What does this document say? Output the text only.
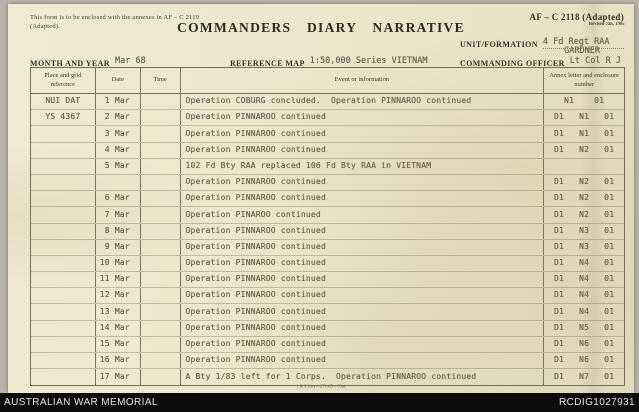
This form is to be enclosed with the annexes in AF – C 2119 (Adapted).	COMMANDERS DIARY NARRATIVE
AF – C 2118 (Adapted)
Revised Jan, 1965
UNIT/FORMATION 4 Fd Regt RAA
GARDNER
COMMANDING OFFICER Lt Col R J
MONTH AND YEAR Mar 68	REFERENCE MAP 1:50,000 Series VIETNAM
Place and grid reference
Date	Time	Event or information
Annex letter and enclosure number
NUI DAT	1 Mar	Operation COBURG concluded.  Operation PINNAROO continued	N1    01
YS 4367	2 Mar	Operation PINNAROO continued	D1   N1   01
3 Mar	Operation PINNAROO continued	D1   N1   01
4 Mar	Operation PINNAROO continued	D1   N2   01
5 Mar	102 Fd Bty RAA replaced 106 Fd Bty RAA in VIETNAM
Operation PINNAROO continued	D1   N2   01
6 Mar	Operation PINNAROO continued	D1   N2   01
7 Mar	Operation PINAROO continued	D1   N2   01
8 Mar	Operation PINNAROO continued	D1   N3   01
9 Mar	Operation PINNAROO continued	D1   N3   01
10 Mar	Operation PINNAROO continued	D1   N4   01
11 Mar	Operation PINNAROO continued	D1   N4   01
12 Mar	Operation PINNAROO continued	D1   N4   01
13 Mar	Operation PINNAROO continued	D1   N4   01
14 Mar	Operation PINNAROO continued	D1   N5   01
15 Mar	Operation PINNAROO continued	D1   N6   01
16 Mar	Operation PINNAROO continued	D1   N6   01
17 Mar	A Bty 1/83 left for 1 Corps.  Operation PINNAROO continued	D1   N7   01
1 R P Coy—271/65—53m
AUSTRALIAN WAR MEMORIAL	RCDIG1027931
